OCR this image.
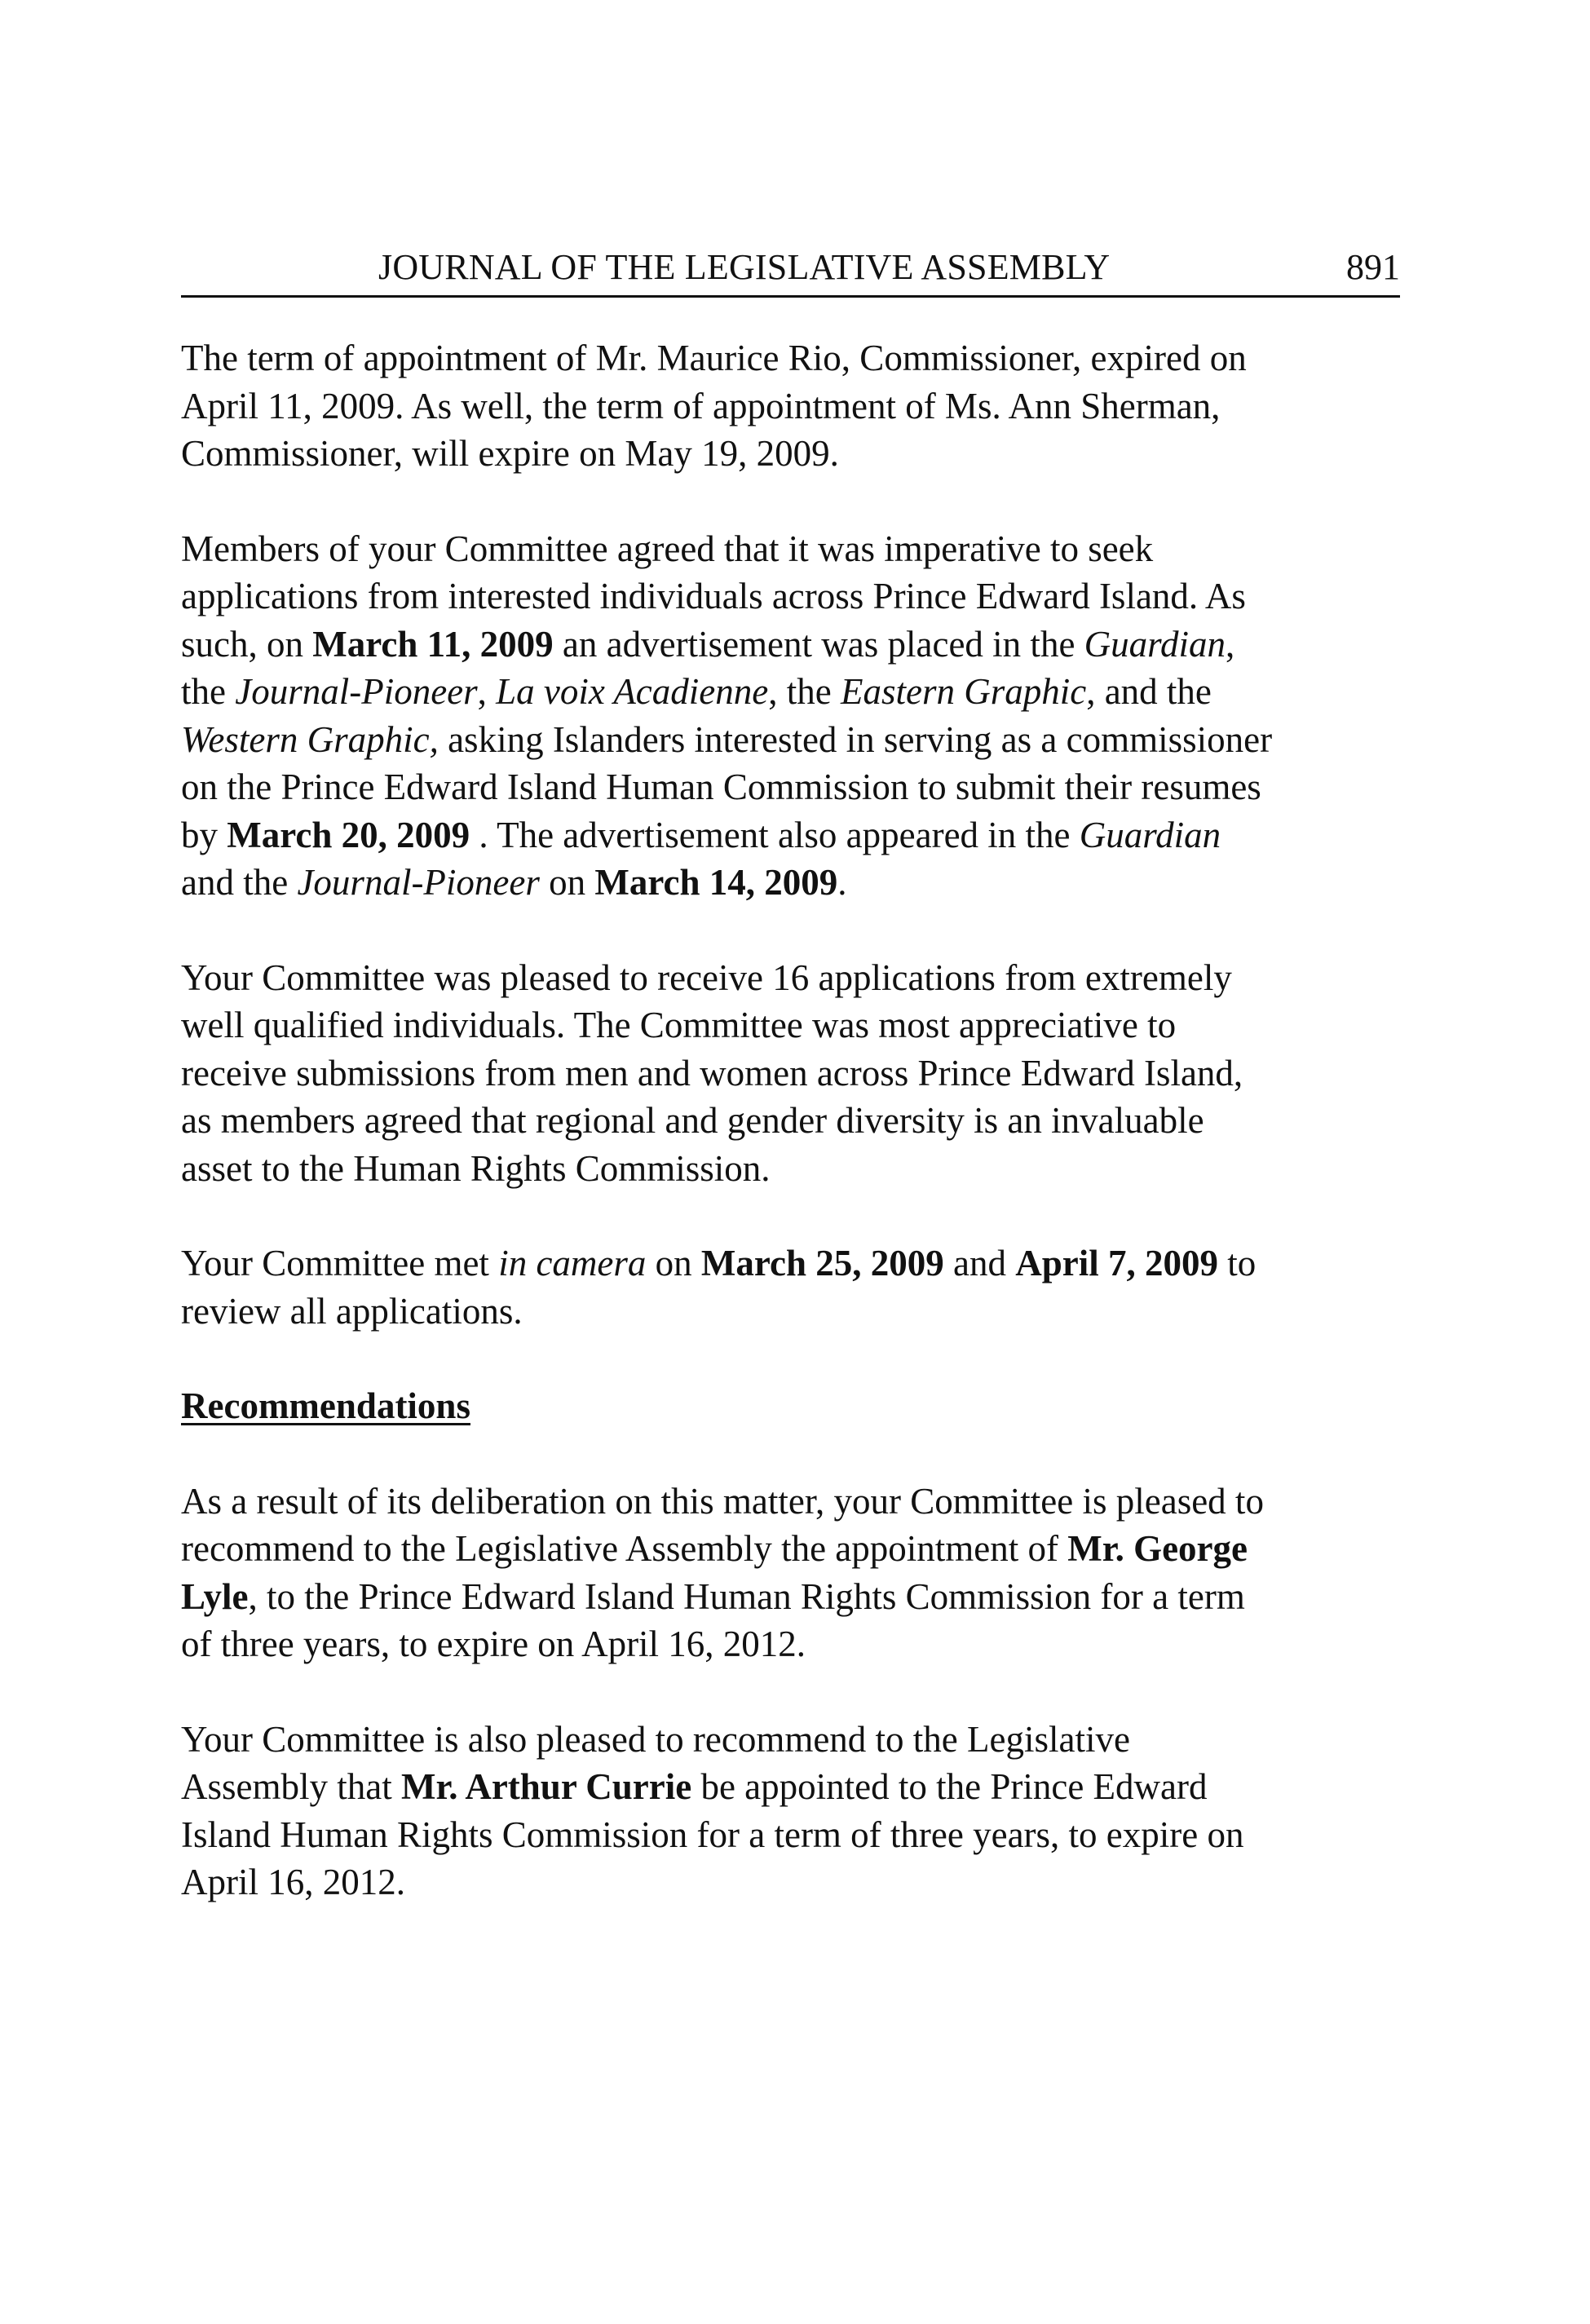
JOURNAL OF THE LEGISLATIVE ASSEMBLY	891

The term of appointment of Mr. Maurice Rio, Commissioner, expired on
April 11, 2009. As well, the term of appointment of Ms. Ann Sherman,
Commissioner, will expire on May 19, 2009.

Members of your Committee agreed that it was imperative to seek
applications from interested individuals across Prince Edward Island. As
such, on March 11, 2009 an advertisement was placed in the Guardian,
the Journal-Pioneer, La voix Acadienne, the Eastern Graphic, and the
Western Graphic, asking Islanders interested in serving as a commissioner
on the Prince Edward Island Human Commission to submit their resumes
by March 20, 2009 . The advertisement also appeared in the Guardian
and the Journal-Pioneer on March 14, 2009.

Your Committee was pleased to receive 16 applications from extremely
well qualified individuals. The Committee was most appreciative to
receive submissions from men and women across Prince Edward Island,
as members agreed that regional and gender diversity is an invaluable
asset to the Human Rights Commission.

Your Committee met in camera on March 25, 2009 and April 7, 2009 to
review all applications.

Recommendations

As a result of its deliberation on this matter, your Committee is pleased to
recommend to the Legislative Assembly the appointment of Mr. George
Lyle, to the Prince Edward Island Human Rights Commission for a term
of three years, to expire on April 16, 2012.

Your Committee is also pleased to recommend to the Legislative
Assembly that Mr. Arthur Currie be appointed to the Prince Edward
Island Human Rights Commission for a term of three years, to expire on
April 16, 2012.
